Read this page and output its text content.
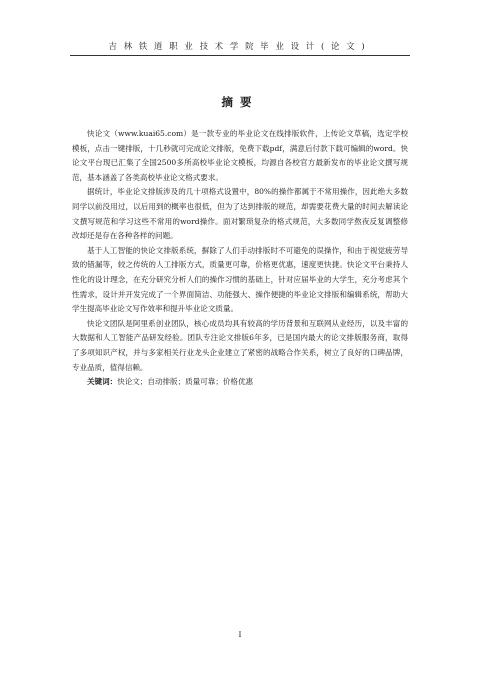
吉林铁道职业技术学院毕业设计(论文)
摘要

快论文（www.kuai65.com）是一款专业的毕业论文在线排版软件，上传论文草稿，选定学校模板，点击一键排版，十几秒就可完成论文排版，免费下载pdf，满意后付款下载可编辑的word。快论文平台现已汇集了全国2500多所高校毕业论文模板，均源自各校官方最新发布的毕业论文撰写规范，基本涵盖了各类高校毕业论文格式要求。

据统计，毕业论文排版涉及的几十项格式设置中，80%的操作都属于不常用操作，因此绝大多数同学以前没用过，以后用到的概率也很低，但为了达到排版的规范，却需要花费大量的时间去解读论文撰写规范和学习这些不常用的word操作。面对繁琐复杂的格式规范，大多数同学熬夜反复调整修改却还是存在各种各样的问题。

基于人工智能的快论文排版系统，摒除了人们手动排版时不可避免的误操作，和由于视觉疲劳导致的错漏等，较之传统的人工排版方式，质量更可靠，价格更优惠，速度更快捷。快论文平台秉持人性化的设计理念，在充分研究分析人们的操作习惯的基础上，针对应届毕业的大学生，充分考虑其个性需求，设计并开发完成了一个界面简洁、功能强大、操作便捷的毕业论文排版和编辑系统，帮助大学生提高毕业论文写作效率和提升毕业论文质量。

快论文团队是阿里系创业团队，核心成员均具有较高的学历背景和互联网从业经历，以及丰富的大数据和人工智能产品研发经验。团队专注论文排版6年多，已是国内最大的论文排版服务商，取得了多项知识产权，并与多家相关行业龙头企业建立了紧密的战略合作关系，树立了良好的口碑品牌，专业品质，值得信赖。

关键词：快论文；自动排版；质量可靠；价格优惠

I
